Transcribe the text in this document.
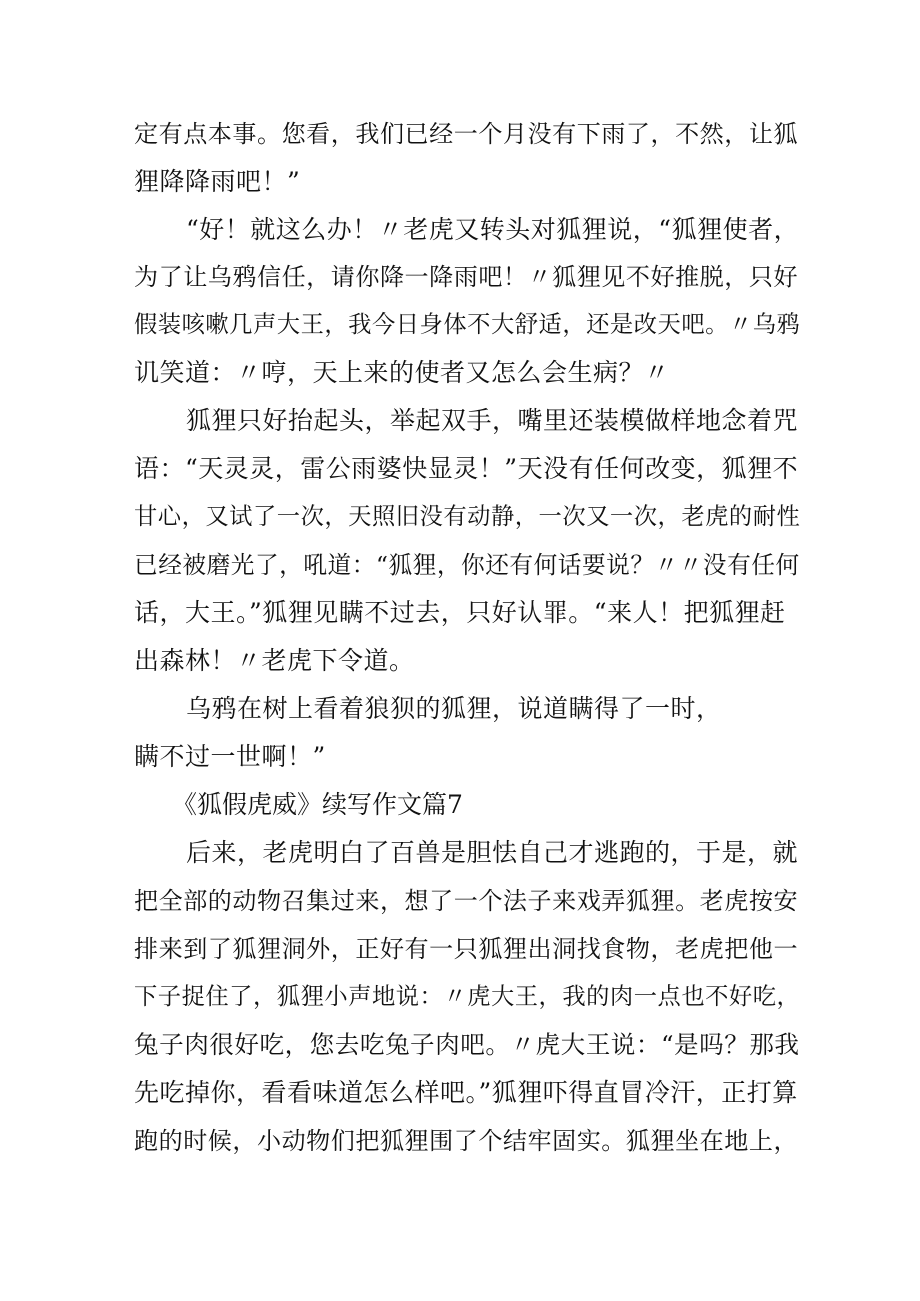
定有点本事。您看，我们已经一个月没有下雨了，不然，让狐
狸降降雨吧！”
“好！就这么办！〃老虎又转头对狐狸说，“狐狸使者，
为了让乌鸦信任，请你降一降雨吧！〃狐狸见不好推脱，只好
假装咳嗽几声大王，我今日身体不大舒适，还是改天吧。〃乌鸦
讥笑道：〃哼，天上来的使者又怎么会生病？〃
狐狸只好抬起头，举起双手，嘴里还装模做样地念着咒
语：“天灵灵，雷公雨婆快显灵！”天没有任何改变，狐狸不
甘心，又试了一次，天照旧没有动静，一次又一次，老虎的耐性
已经被磨光了，吼道：“狐狸，你还有何话要说？〃〃没有任何
话，大王。”狐狸见瞒不过去，只好认罪。“来人！把狐狸赶
出森林！〃老虎下令道。
乌鸦在树上看着狼狈的狐狸，说道瞒得了一时，
瞒不过一世啊！”
《狐假虎威》续写作文篇7
后来，老虎明白了百兽是胆怯自己才逃跑的，于是，就
把全部的动物召集过来，想了一个法子来戏弄狐狸。老虎按安
排来到了狐狸洞外，正好有一只狐狸出洞找食物，老虎把他一
下子捉住了，狐狸小声地说：〃虎大王，我的肉一点也不好吃，
兔子肉很好吃，您去吃兔子肉吧。〃虎大王说：“是吗？那我
先吃掉你，看看味道怎么样吧。”狐狸吓得直冒冷汗，正打算
跑的时候，小动物们把狐狸围了个结牢固实。狐狸坐在地上，
